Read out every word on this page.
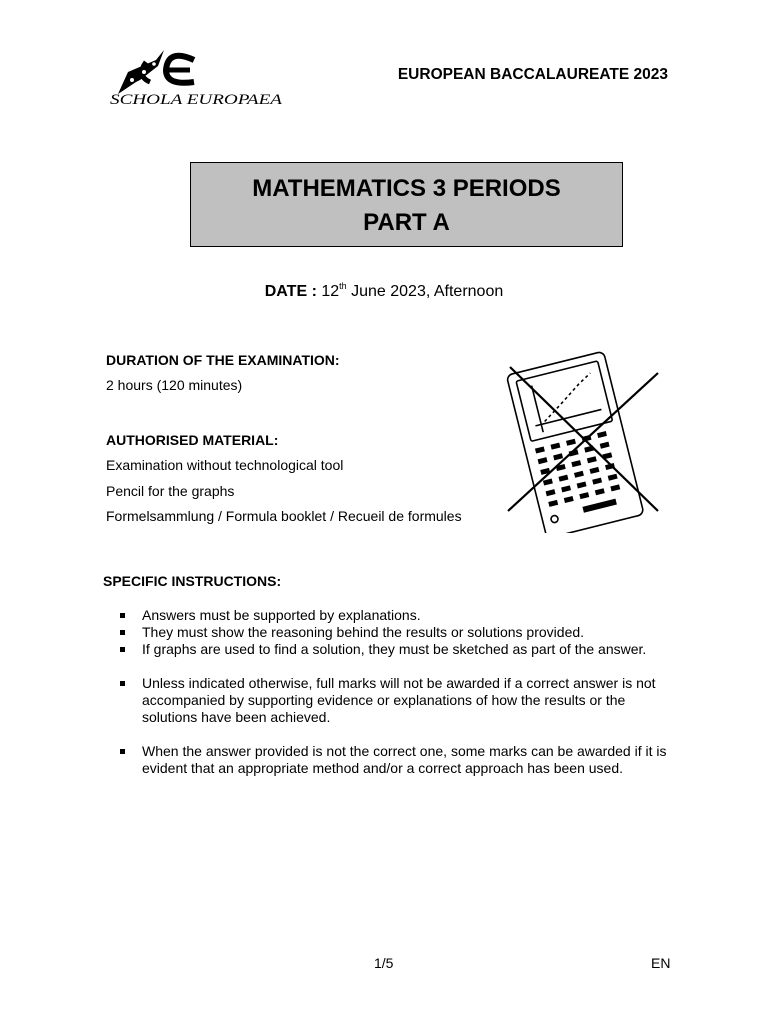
SCHOLA EUROPAEA
EUROPEAN BACCALAUREATE 2023
MATHEMATICS 3 PERIODS
PART A
DATE : 12th June 2023, Afternoon
DURATION OF THE EXAMINATION:
2 hours (120 minutes)
AUTHORISED MATERIAL:
Examination without technological tool
Pencil for the graphs
Formelsammlung / Formula booklet / Recueil de formules
SPECIFIC INSTRUCTIONS:
Answers must be supported by explanations.
They must show the reasoning behind the results or solutions provided.
If graphs are used to find a solution, they must be sketched as part of the answer.
Unless indicated otherwise, full marks will not be awarded if a correct answer is not accompanied by supporting evidence or explanations of how the results or the solutions have been achieved.
When the answer provided is not the correct one, some marks can be awarded if it is evident that an appropriate method and/or a correct approach has been used.
1/5	EN
